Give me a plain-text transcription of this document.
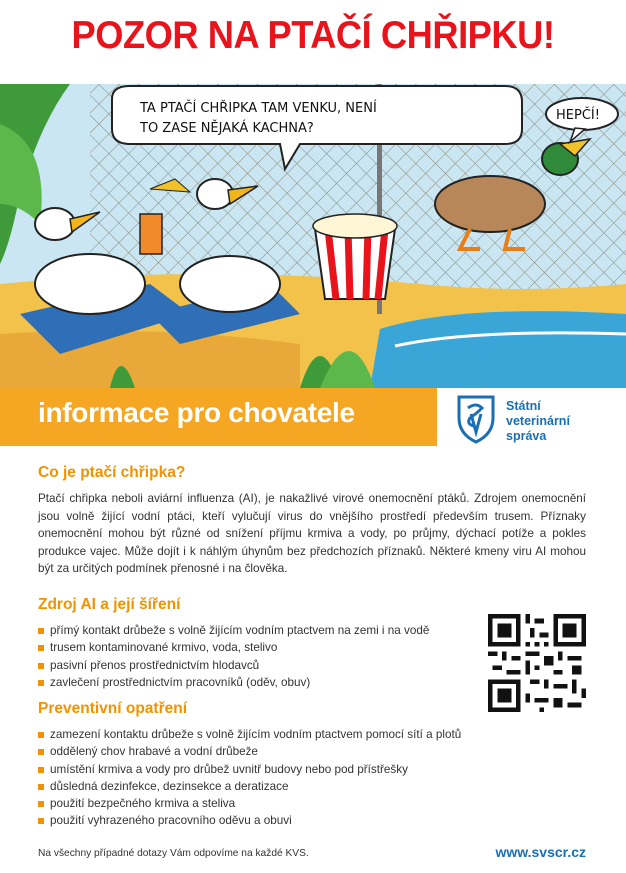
POZOR NA PTAČÍ CHŘIPKU!
TA PTAČÍ CHŘIPKA TAM VENKU, NENÍ
TO ZASE NĚJAKÁ KACHNA?
HEPČÍ!
informace pro chovatele	Státní
veterinární
správa
Co je ptačí chřipka?
Ptačí chřipka neboli aviární influenza (AI), je nakažlivé virové onemocnění ptáků. Zdrojem onemocnění jsou volně žijící vodní ptáci, kteří vylučují virus do vnějšího prostředí především trusem. Příznaky onemocnění mohou být různé od snížení příjmu krmiva a vody, po průjmy, dýchací potíže a pokles produkce vajec. Může dojít i k náhlým úhynům bez předchozích příznaků. Některé kmeny viru AI mohou být za určitých podmínek přenosné i na člověka.
Zdroj AI a její šíření
přímý kontakt drůbeže s volně žijícím vodním ptactvem na zemi i na vodě
trusem kontaminované krmivo, voda, stelivo
pasivní přenos prostřednictvím hlodavců
zavlečení prostřednictvím pracovníků (oděv, obuv)
Preventivní opatření
zamezení kontaktu drůbeže s volně žijícím vodním ptactvem pomocí sítí a plotů
oddělený chov hrabavé a vodní drůbeže
umístění krmiva a vody pro drůbež uvnitř budovy nebo pod přístřešky
důsledná dezinfekce, dezinsekce a deratizace
použití bezpečného krmiva a steliva
použití vyhrazeného pracovního oděvu a obuvi
Na všechny případné dotazy Vám odpovíme na každé KVS.	www.svscr.cz
